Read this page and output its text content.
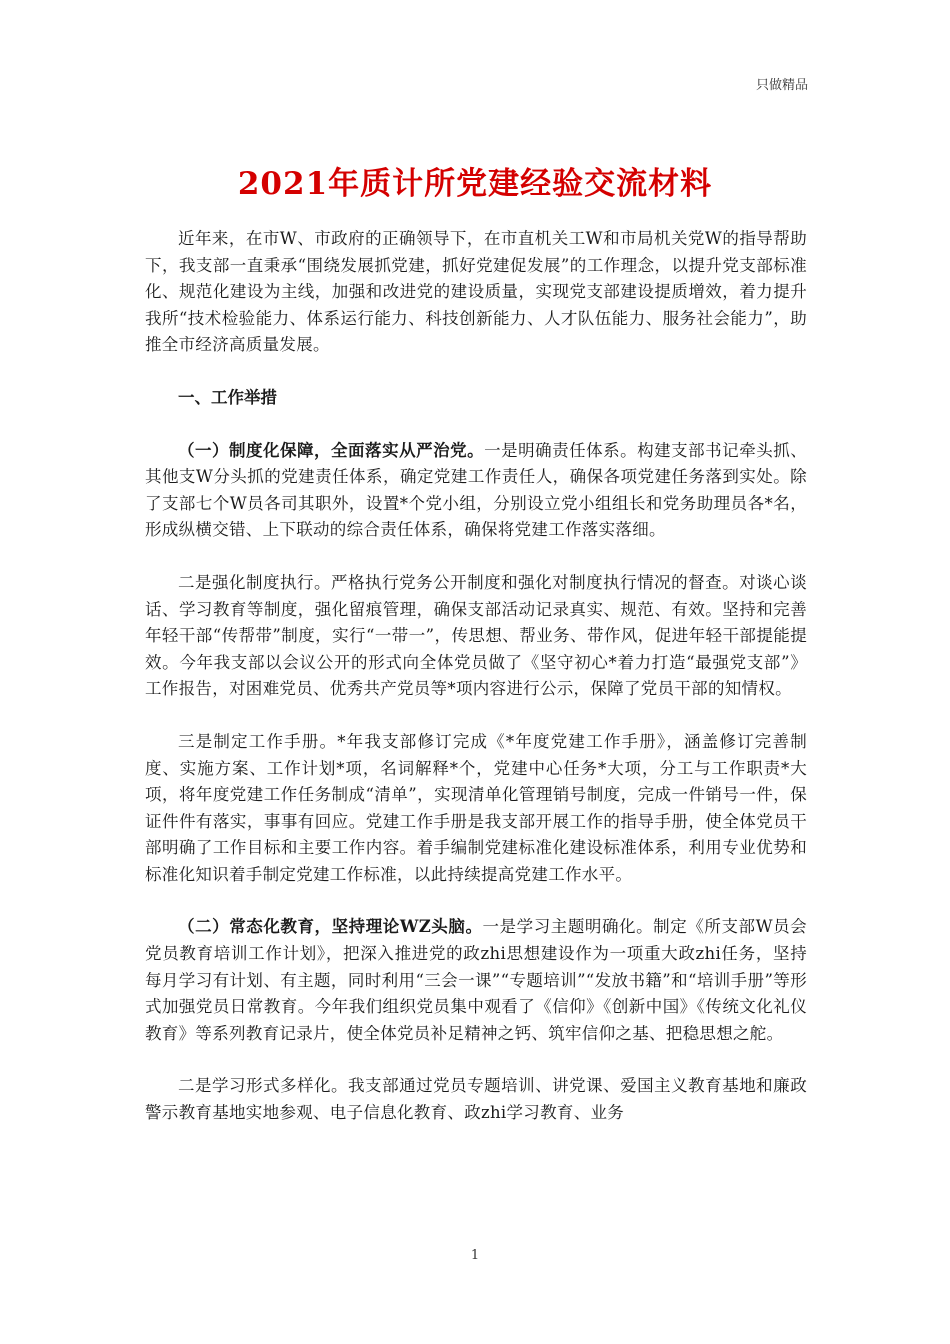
只做精品
2021年质计所党建经验交流材料

近年来，在市W、市政府的正确领导下，在市直机关工W和市局机关党W的指导帮助下，我支部一直秉承“围绕发展抓党建，抓好党建促发展”的工作理念，以提升党支部标准化、规范化建设为主线，加强和改进党的建设质量，实现党支部建设提质增效，着力提升我所“技术检验能力、体系运行能力、科技创新能力、人才队伍能力、服务社会能力”，助推全市经济高质量发展。

一、工作举措

（一）制度化保障，全面落实从严治党。一是明确责任体系。构建支部书记牵头抓、其他支W分头抓的党建责任体系，确定党建工作责任人，确保各项党建任务落到实处。除了支部七个W员各司其职外，设置*个党小组，分别设立党小组组长和党务助理员各*名，形成纵横交错、上下联动的综合责任体系，确保将党建工作落实落细。

二是强化制度执行。严格执行党务公开制度和强化对制度执行情况的督查。对谈心谈话、学习教育等制度，强化留痕管理，确保支部活动记录真实、规范、有效。坚持和完善年轻干部“传帮带”制度，实行“一带一”，传思想、帮业务、带作风，促进年轻干部提能提效。今年我支部以会议公开的形式向全体党员做了《坚守初心*着力打造“最强党支部”》工作报告，对困难党员、优秀共产党员等*项内容进行公示，保障了党员干部的知情权。

三是制定工作手册。*年我支部修订完成《*年度党建工作手册》，涵盖修订完善制度、实施方案、工作计划*项，名词解释*个，党建中心任务*大项，分工与工作职责*大项，将年度党建工作任务制成“清单”，实现清单化管理销号制度，完成一件销号一件，保证件件有落实，事事有回应。党建工作手册是我支部开展工作的指导手册，使全体党员干部明确了工作目标和主要工作内容。着手编制党建标准化建设标准体系，利用专业优势和标准化知识着手制定党建工作标准，以此持续提高党建工作水平。

（二）常态化教育，坚持理论WZ头脑。一是学习主题明确化。制定《所支部W员会党员教育培训工作计划》，把深入推进党的政zhi思想建设作为一项重大政zhi任务，坚持每月学习有计划、有主题，同时利用“三会一课”“专题培训”“发放书籍”和“培训手册”等形式加强党员日常教育。今年我们组织党员集中观看了《信仰》《创新中国》《传统文化礼仪教育》等系列教育记录片，使全体党员补足精神之钙、筑牢信仰之基、把稳思想之舵。

二是学习形式多样化。我支部通过党员专题培训、讲党课、爱国主义教育基地和廉政警示教育基地实地参观、电子信息化教育、政zhi学习教育、业务

1
